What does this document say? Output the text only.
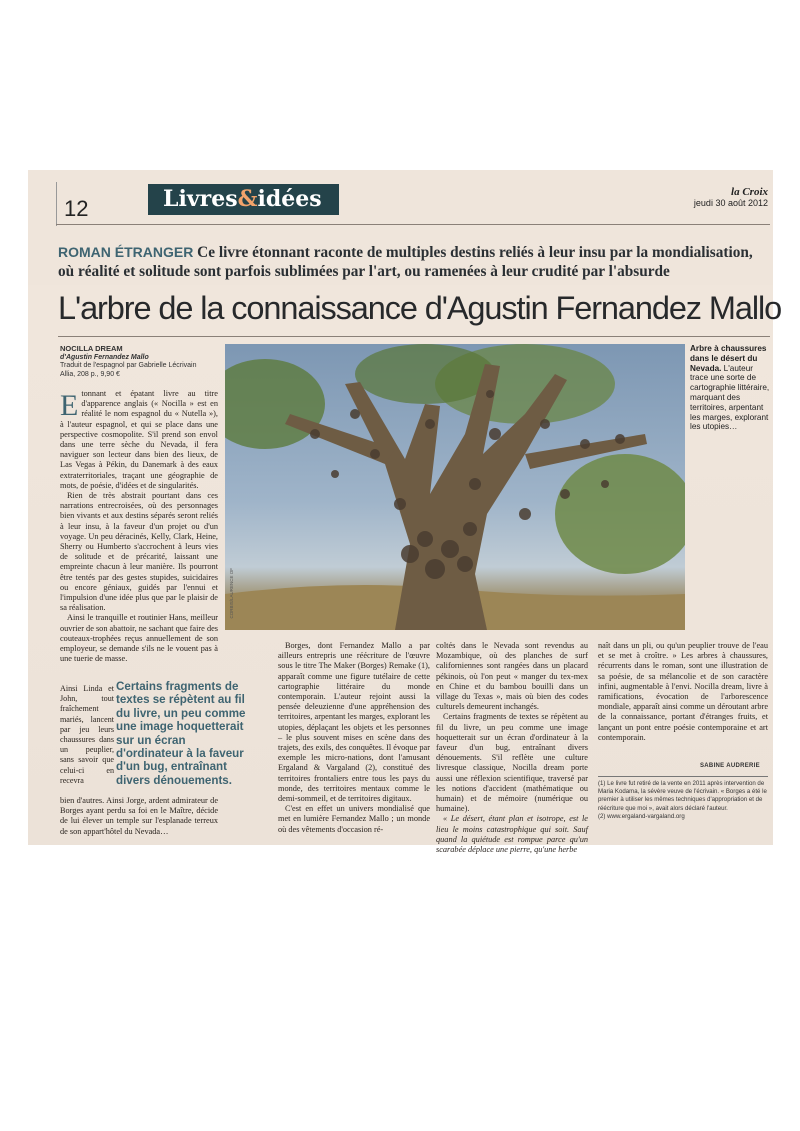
12	Livres&idées	la Croix
jeudi 30 août 2012
ROMAN ÉTRANGER Ce livre étonnant raconte de multiples destins reliés à leur insu par la mondialisation, où réalité et solitude sont parfois sublimées par l'art, ou ramenées à leur crudité par l'absurde
L'arbre de la connaissance d'Agustin Fernandez Mallo
NOCILLA DREAM
d'Agustin Fernandez Mallo
Traduit de l'espagnol par Gabrielle Lécrivain
Allia, 208 p., 9,90 €
CORBIS/LAURENCE OF
Arbre à chaussures dans le désert du Nevada. L'auteur trace une sorte de cartographie littéraire, marquant des territoires, arpentant les marges, explorant les utopies…

Etonnant et épatant livre au titre d'apparence anglais (« Nocilla » est en réalité le nom espagnol du « Nutella »), à l'auteur espagnol, et qui se place dans une perspective cosmopolite. S'il prend son envol dans une terre sèche du Nevada, il fera naviguer son lecteur dans bien des lieux, de Las Vegas à Pékin, du Danemark à des eaux extraterritoriales, traçant une géographie de mots, de poésie, d'idées et de singularités.

Rien de très abstrait pourtant dans ces narrations entrecroisées, où des personnages bien vivants et aux destins séparés seront reliés à leur insu, à la faveur d'un projet ou d'un voyage. Un peu déracinés, Kelly, Clark, Heine, Sherry ou Humberto s'accrochent à leurs vies de solitude et de précarité, laissant une empreinte chacun à leur manière. Ils pourront être tentés par des gestes stupides, suicidaires ou encore géniaux, guidés par l'ennui et l'impulsion d'une idée plus que par le plaisir de sa réalisation.

Ainsi le tranquille et routinier Hans, meilleur ouvrier de son abattoir, ne sachant que faire des couteaux-trophées reçus annuellement de son employeur, se demande s'ils ne le vouent pas à une tuerie de masse.

Ainsi Linda et John, tout fraîchement mariés, lancent par jeu leurs chaussures dans un peuplier, sans savoir que celui-ci en recevra

bien d'autres. Ainsi Jorge, ardent admirateur de Borges ayant perdu sa foi en le Maître, décide de lui élever un temple sur l'esplanade terreux de son appart'hôtel du Nevada…

Certains fragments de textes se répètent au fil du livre, un peu comme une image hoquetterait sur un écran d'ordinateur à la faveur d'un bug, entraînant divers dénouements.

Borges, dont Fernandez Mallo a par ailleurs entrepris une réécriture de l'œuvre sous le titre The Maker (Borges) Remake (1), apparaît comme une figure tutélaire de cette cartographie littéraire du monde contemporain. L'auteur rejoint aussi la pensée deleuzienne d'une appréhension des territoires, arpentant les marges, explorant les utopies, déplaçant les objets et les personnes – le plus souvent mises en scène dans des trajets, des exils, des conquêtes. Il évoque par exemple les micro-nations, dont l'amusant Ergaland & Vargaland (2), constitué des territoires frontaliers entre tous les pays du monde, des territoires mentaux comme le demi-sommeil, et de territoires digitaux.

C'est en effet un univers mondialisé que met en lumière Fernandez Mallo ; un monde où des vêtements d'occasion ré-

coltés dans le Nevada sont revendus au Mozambique, où des planches de surf californiennes sont rangées dans un placard pékinois, où l'on peut « manger du tex-mex en Chine et du bambou bouilli dans un village du Texas », mais où bien des codes culturels demeurent inchangés.

Certains fragments de textes se répètent au fil du livre, un peu comme une image hoquetterait sur un écran d'ordinateur à la faveur d'un bug, entraînant divers dénouements. S'il reflète une culture livresque classique, Nocilla dream porte aussi une réflexion scientifique, traversé par les notions d'accident (mathématique ou humain) et de mémoire (numérique ou humaine).

« Le désert, étant plan et isotrope, est le lieu le moins catastrophique qui soit. Sauf quand la quiétude est rompue parce qu'un scarabée déplace une pierre, qu'une herbe

naît dans un pli, ou qu'un peuplier trouve de l'eau et se met à croître. » Les arbres à chaussures, récurrents dans le roman, sont une illustration de sa poésie, de sa mélancolie et de son caractère infini, augmentable à l'envi. Nocilla dream, livre à ramifications, évocation de l'arborescence mondiale, apparaît ainsi comme un déroutant arbre de la connaissance, portant d'étranges fruits, et lançant un pont entre poésie contemporaine et art contemporain.

SABINE AUDRERIE
(1) Le livre fut retiré de la vente en 2011 après intervention de Maria Kodama, la sévère veuve de l'écrivain. « Borges a été le premier à utiliser les mêmes techniques d'appropriation et de réécriture que moi », avait alors déclaré l'auteur.
(2) www.ergaland-vargaland.org
